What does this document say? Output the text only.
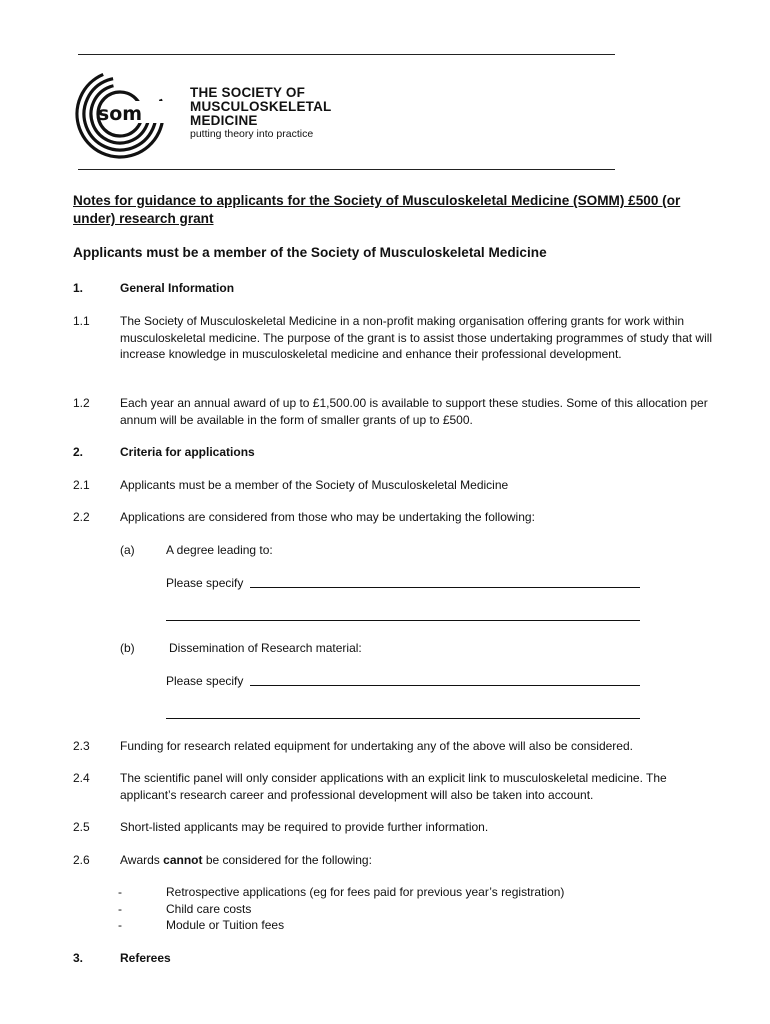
som
THE SOCIETY OF
MUSCULOSKELETAL
MEDICINE
putting theory into practice
Notes for guidance to applicants for the Society of Musculoskeletal Medicine (SOMM) £500 (or under) research grant
Applicants must be a member of the Society of Musculoskeletal Medicine
1.	General Information
1.1	The Society of Musculoskeletal Medicine in a non-profit making organisation offering grants for work within musculoskeletal medicine. The purpose of the grant is to assist those undertaking programmes of study that will increase knowledge in musculoskeletal medicine and enhance their professional development.
1.2	Each year an annual award of up to £1,500.00 is available to support these studies. Some of this allocation per annum will be available in the form of smaller grants of up to £500.
2.	Criteria for applications
2.1	Applicants must be a member of the Society of Musculoskeletal Medicine
2.2	Applications are considered from those who may be undertaking the following:
(a)	A degree leading to:
Please specify
(b)	Dissemination of Research material:
Please specify
2.3	Funding for research related equipment for undertaking any of the above will also be considered.
2.4	The scientific panel will only consider applications with an explicit link to musculoskeletal medicine. The applicant’s research career and professional development will also be taken into account.
2.5	Short-listed applicants may be required to provide further information.
2.6	Awards cannot be considered for the following:
-	Retrospective applications (eg for fees paid for previous year’s registration)
-	Child care costs
-	Module or Tuition fees
3.	Referees
